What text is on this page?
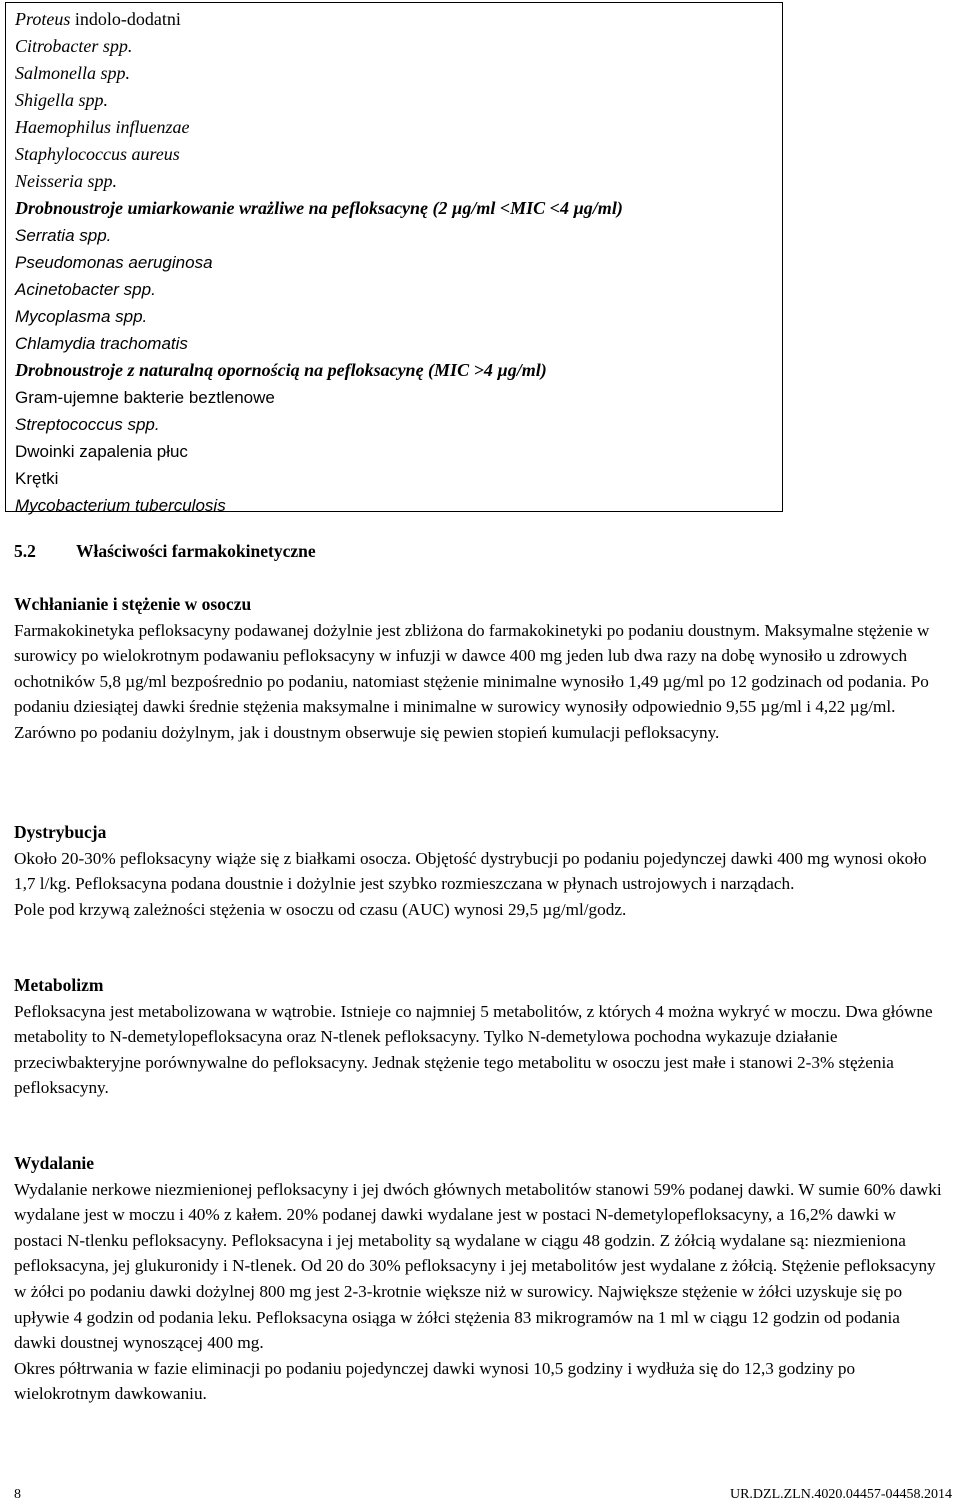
Proteus indolo-dodatni
Citrobacter spp.
Salmonella spp.
Shigella spp.
Haemophilus influenzae
Staphylococcus aureus
Neisseria spp.
Drobnoustroje umiarkowanie wrażliwe na pefloksacynę (2 µg/ml <MIC <4 µg/ml)
Serratia spp.
Pseudomonas aeruginosa
Acinetobacter spp.
Mycoplasma spp.
Chlamydia trachomatis
Drobnoustroje z naturalną opornością na pefloksacynę (MIC >4 µg/ml)
Gram-ujemne bakterie beztlenowe
Streptococcus spp.
Dwoinki zapalenia płuc
Krętki
Mycobacterium tuberculosis
5.2 Właściwości farmakokinetyczne

Wchłanianie i stężenie w osoczu

Farmakokinetyka pefloksacyny podawanej dożylnie jest zbliżona do farmakokinetyki po podaniu doustnym. Maksymalne stężenie w surowicy po wielokrotnym podawaniu pefloksacyny w infuzji w dawce 400 mg jeden lub dwa razy na dobę wynosiło u zdrowych ochotników 5,8 µg/ml bezpośrednio po podaniu, natomiast stężenie minimalne wynosiło 1,49 µg/ml po 12 godzinach od podania. Po podaniu dziesiątej dawki średnie stężenia maksymalne i minimalne w surowicy wynosiły odpowiednio 9,55 µg/ml i 4,22 µg/ml.

Zarówno po podaniu dożylnym, jak i doustnym obserwuje się pewien stopień kumulacji pefloksacyny.

Dystrybucja

Około 20-30% pefloksacyny wiąże się z białkami osocza. Objętość dystrybucji po podaniu pojedynczej dawki 400 mg wynosi około 1,7 l/kg. Pefloksacyna podana doustnie i dożylnie jest szybko rozmieszczana w płynach ustrojowych i narządach.

Pole pod krzywą zależności stężenia w osoczu od czasu (AUC) wynosi 29,5 µg/ml/godz.

Metabolizm

Pefloksacyna jest metabolizowana w wątrobie. Istnieje co najmniej 5 metabolitów, z których 4 można wykryć w moczu. Dwa główne metabolity to N-demetylopefloksacyna oraz N-tlenek pefloksacyny. Tylko N-demetylowa pochodna wykazuje działanie przeciwbakteryjne porównywalne do pefloksacyny. Jednak stężenie tego metabolitu w osoczu jest małe i stanowi 2-3% stężenia pefloksacyny.

Wydalanie

Wydalanie nerkowe niezmienionej pefloksacyny i jej dwóch głównych metabolitów stanowi 59% podanej dawki. W sumie 60% dawki wydalane jest w moczu i 40% z kałem. 20% podanej dawki wydalane jest w postaci N-demetylopefloksacyny, a 16,2% dawki w postaci N-tlenku pefloksacyny. Pefloksacyna i jej metabolity są wydalane w ciągu 48 godzin. Z żółcią wydalane są: niezmieniona pefloksacyna, jej glukuronidy i N-tlenek. Od 20 do 30% pefloksacyny i jej metabolitów jest wydalane z żółcią. Stężenie pefloksacyny w żółci po podaniu dawki dożylnej 800 mg jest 2-3-krotnie większe niż w surowicy. Największe stężenie w żółci uzyskuje się po upływie 4 godzin od podania leku. Pefloksacyna osiąga w żółci stężenia 83 mikrogramów na 1 ml w ciągu 12 godzin od podania dawki doustnej wynoszącej 400 mg.

Okres półtrwania w fazie eliminacji po podaniu pojedynczej dawki wynosi 10,5 godziny i wydłuża się do 12,3 godziny po wielokrotnym dawkowaniu.

8	UR.DZL.ZLN.4020.04457-04458.2014
